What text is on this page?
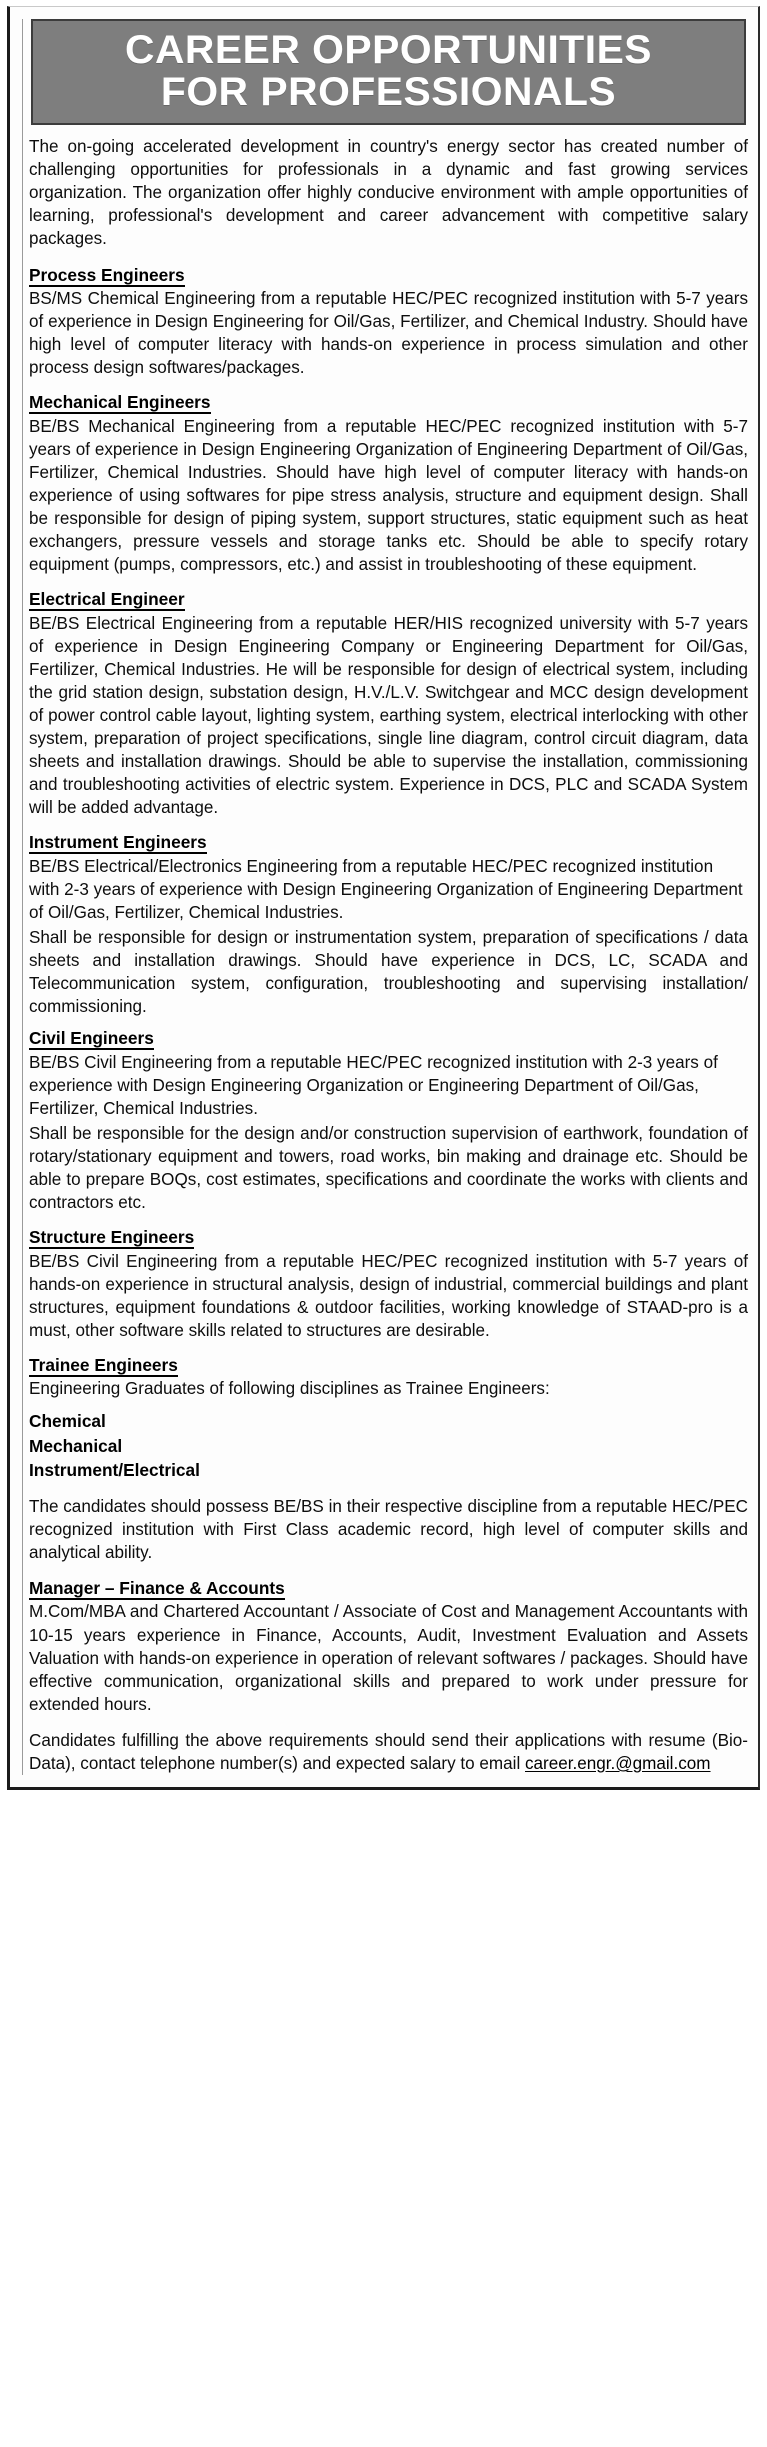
CAREER OPPORTUNITIES
FOR PROFESSIONALS

The on-going accelerated development in country's energy sector has created number of challenging opportunities for professionals in a dynamic and fast growing services organization. The organization offer highly conducive environment with ample opportunities of learning, professional's development and career advancement with competitive salary packages.

Process Engineers

BS/MS Chemical Engineering from a reputable HEC/PEC recognized institution with 5-7 years of experience in Design Engineering for Oil/Gas, Fertilizer, and Chemical Industry. Should have high level of computer literacy with hands-on experience in process simulation and other process design softwares/packages.

Mechanical Engineers

BE/BS Mechanical Engineering from a reputable HEC/PEC recognized institution with 5-7 years of experience in Design Engineering Organization of Engineering Department of Oil/Gas, Fertilizer, Chemical Industries. Should have high level of computer literacy with hands-on experience of using softwares for pipe stress analysis, structure and equipment design. Shall be responsible for design of piping system, support structures, static equipment such as heat exchangers, pressure vessels and storage tanks etc. Should be able to specify rotary equipment (pumps, compressors, etc.) and assist in troubleshooting of these equipment.

Electrical Engineer

BE/BS Electrical Engineering from a reputable HER/HIS recognized university with 5-7 years of experience in Design Engineering Company or Engineering Department for Oil/Gas, Fertilizer, Chemical Industries. He will be responsible for design of electrical system, including the grid station design, substation design, H.V./L.V. Switchgear and MCC design development of power control cable layout, lighting system, earthing system, electrical interlocking with other system, preparation of project specifications, single line diagram, control circuit diagram, data sheets and installation drawings. Should be able to supervise the installation, commissioning and troubleshooting activities of electric system. Experience in DCS, PLC and SCADA System will be added advantage.

Instrument Engineers

BE/BS Electrical/Electronics Engineering from a reputable HEC/PEC recognized institution with 2-3 years of experience with Design Engineering Organization of Engineering Department of Oil/Gas, Fertilizer, Chemical Industries.

Shall be responsible for design or instrumentation system, preparation of specifications / data sheets and installation drawings. Should have experience in DCS, LC, SCADA and Telecommunication system, configuration, troubleshooting and supervising installation/ commissioning.

Civil Engineers

BE/BS Civil Engineering from a reputable HEC/PEC recognized institution with 2-3 years of experience with Design Engineering Organization or Engineering Department of Oil/Gas, Fertilizer, Chemical Industries.

Shall be responsible for the design and/or construction supervision of earthwork, foundation of rotary/stationary equipment and towers, road works, bin making and drainage etc. Should be able to prepare BOQs, cost estimates, specifications and coordinate the works with clients and contractors etc.

Structure Engineers

BE/BS Civil Engineering from a reputable HEC/PEC recognized institution with 5-7 years of hands-on experience in structural analysis, design of industrial, commercial buildings and plant structures, equipment foundations & outdoor facilities, working knowledge of STAAD-pro is a must, other software skills related to structures are desirable.

Trainee Engineers

Engineering Graduates of following disciplines as Trainee Engineers:

Chemical

Mechanical

Instrument/Electrical

The candidates should possess BE/BS in their respective discipline from a reputable HEC/PEC recognized institution with First Class academic record, high level of computer skills and analytical ability.

Manager – Finance & Accounts

M.Com/MBA and Chartered Accountant / Associate of Cost and Management Accountants with 10-15 years experience in Finance, Accounts, Audit, Investment Evaluation and Assets Valuation with hands-on experience in operation of relevant softwares / packages. Should have effective communication, organizational skills and prepared to work under pressure for extended hours.

Candidates fulfilling the above requirements should send their applications with resume (Bio-Data), contact telephone number(s) and expected salary to email career.engr.@gmail.com
